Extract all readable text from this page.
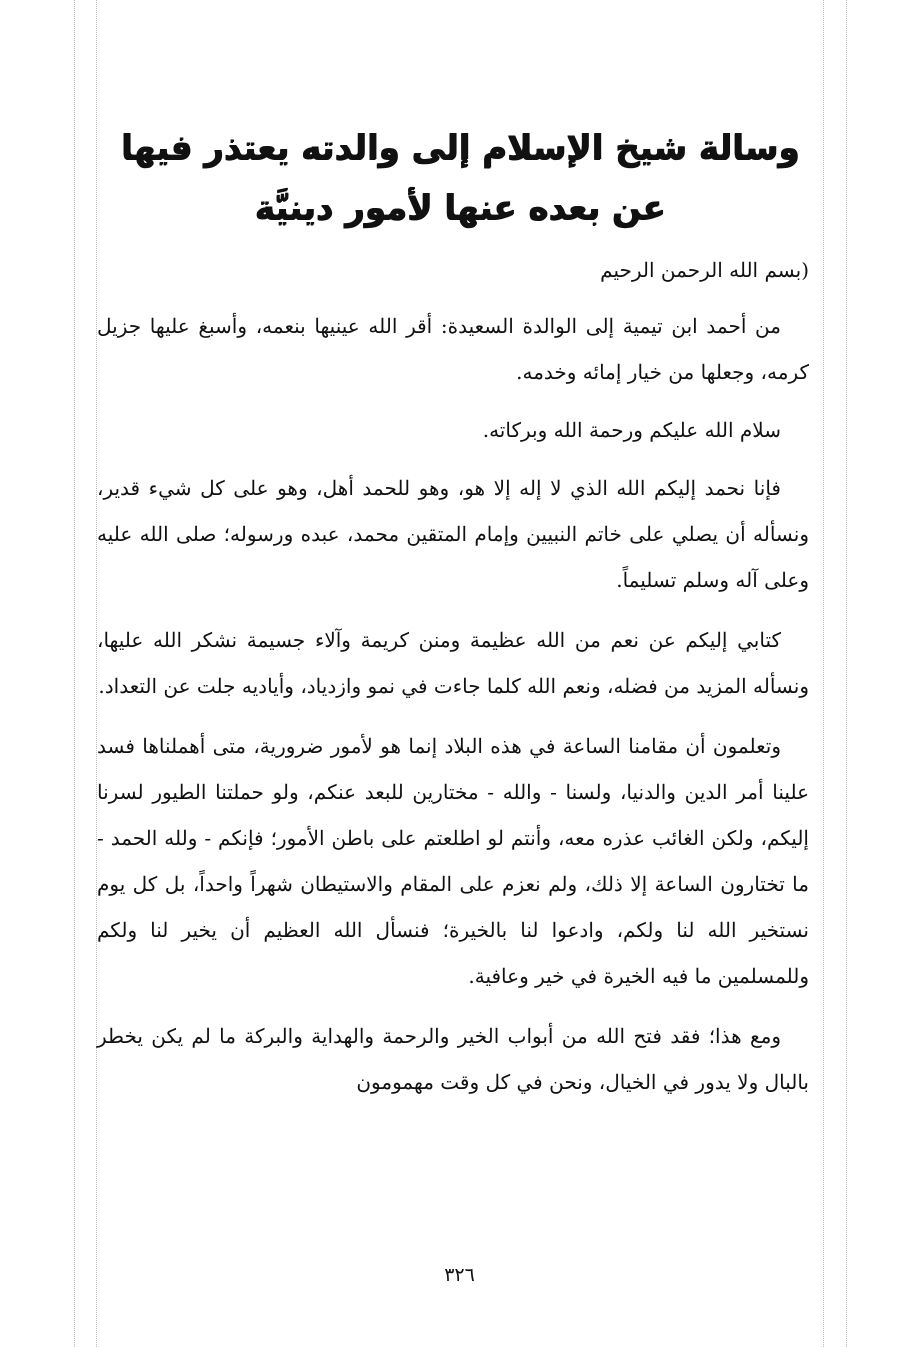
وسالة شيخ الإسلام إلى والدته يعتذر فيها عن بعده عنها لأمور دينيَّة

(بسم الله الرحمن الرحيم

من أحمد ابن تيمية إلى الوالدة السعيدة: أقر الله عينيها بنعمه، وأسبغ عليها جزيل كرمه، وجعلها من خيار إمائه وخدمه.

سلام الله عليكم ورحمة الله وبركاته.

فإنا نحمد إليكم الله الذي لا إله إلا هو، وهو للحمد أهل، وهو على كل شيء قدير، ونسأله أن يصلي على خاتم النبيين وإمام المتقين محمد، عبده ورسوله؛ صلى الله عليه وعلى آله وسلم تسليماً.

كتابي إليكم عن نعم من الله عظيمة ومنن كريمة وآلاء جسيمة نشكر الله عليها، ونسأله المزيد من فضله، ونعم الله كلما جاءت في نمو وازدياد، وأياديه جلت عن التعداد.

وتعلمون أن مقامنا الساعة في هذه البلاد إنما هو لأمور ضرورية، متى أهملناها فسد علينا أمر الدين والدنيا، ولسنا - والله - مختارين للبعد عنكم، ولو حملتنا الطيور لسرنا إليكم، ولكن الغائب عذره معه، وأنتم لو اطلعتم على باطن الأمور؛ فإنكم - ولله الحمد - ما تختارون الساعة إلا ذلك، ولم نعزم على المقام والاستيطان شهراً واحداً، بل كل يوم نستخير الله لنا ولكم، وادعوا لنا بالخيرة؛ فنسأل الله العظيم أن يخير لنا ولكم وللمسلمين ما فيه الخيرة في خير وعافية.

ومع هذا؛ فقد فتح الله من أبواب الخير والرحمة والهداية والبركة ما لم يكن يخطر بالبال ولا يدور في الخيال، ونحن في كل وقت مهمومون

٣٢٦
